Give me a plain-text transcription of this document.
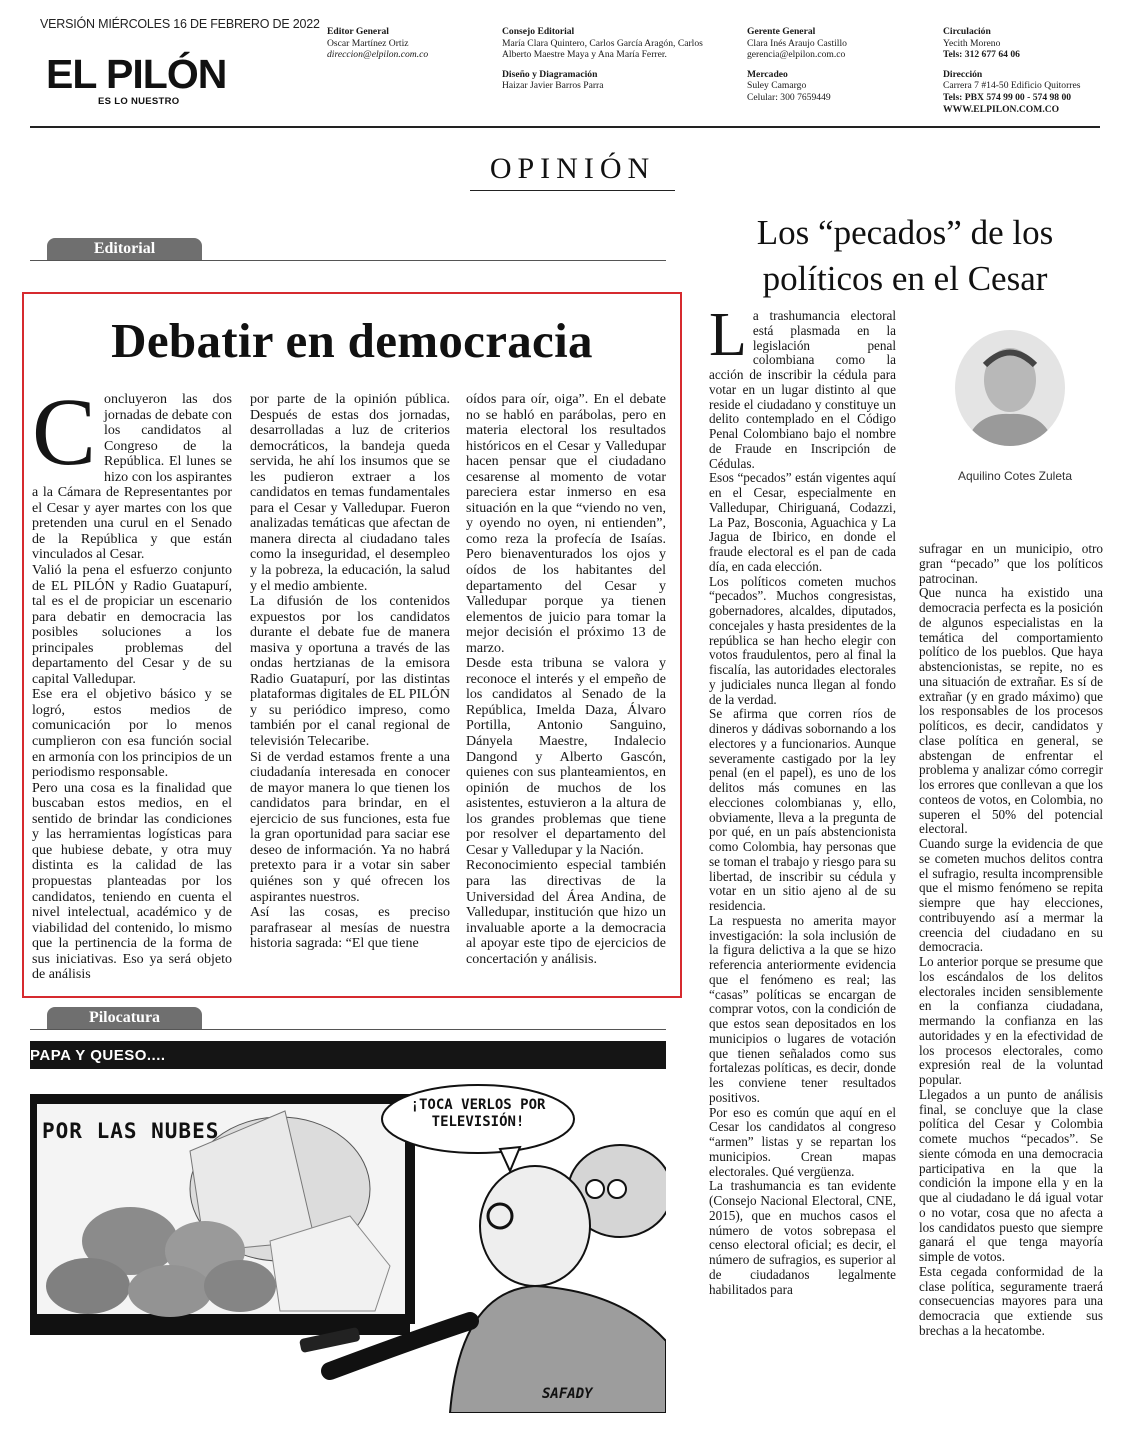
VERSIÓN MIÉRCOLES 16 DE FEBRERO DE 2022
EL PILÓN
ES LO NUESTRO
Editor General
Oscar Martínez Ortiz
direccion@elpilon.com.co
Consejo Editorial
María Clara Quintero, Carlos García Aragón, Carlos Alberto Maestre Maya y Ana María Ferrer.
Diseño y Diagramación
Haizar Javier Barros Parra
Gerente General
Clara Inés Araujo Castillo
gerencia@elpilon.com.co
Mercadeo
Suley Camargo
Celular: 300 7659449
Circulación
Yecith Moreno
Tels: 312 677 64 06
Dirección
Carrera 7 #14-50 Edificio Quitorres
Tels: PBX 574 99 00 - 574 98 00
WWW.ELPILON.COM.CO
OPINIÓN
Editorial
Debatir en democracia
C oncluyeron las dos jornadas de debate con los candidatos al Congreso de la República. El lunes se hizo con los aspirantes a la Cámara de Representantes por el Cesar y ayer martes con los que pretenden una curul en el Senado de la República y que están vinculados al Cesar.

Valió la pena el esfuerzo conjunto de EL PILÓN y Radio Guatapurí, tal es el de propiciar un escenario para debatir en democracia las posibles soluciones a los principales problemas del departamento del Cesar y de su capital Valledupar.

Ese era el objetivo básico y se logró, estos medios de comunicación por lo menos cumplieron con esa función social en armonía con los principios de un periodismo responsable.

Pero una cosa es la finalidad que buscaban estos medios, en el sentido de brindar las condiciones y las herramientas logísticas para que hubiese debate, y otra muy distinta es la calidad de las propuestas planteadas por los candidatos, teniendo en cuenta el nivel intelectual, académico y de viabilidad del contenido, lo mismo que la pertinencia de la forma de sus iniciativas. Eso ya será objeto de análisis

por parte de la opinión pública. Después de estas dos jornadas, desarrolladas a luz de criterios democráticos, la bandeja queda servida, he ahí los insumos que se les pudieron extraer a los candidatos en temas fundamentales para el Cesar y Valledupar. Fueron analizadas temáticas que afectan de manera directa al ciudadano tales como la inseguridad, el desempleo y la pobreza, la educación, la salud y el medio ambiente.

La difusión de los contenidos expuestos por los candidatos durante el debate fue de manera masiva y oportuna a través de las ondas hertzianas de la emisora Radio Guatapurí, por las distintas plataformas digitales de EL PILÓN y su periódico impreso, como también por el canal regional de televisión Telecaribe.

Si de verdad estamos frente a una ciudadanía interesada en conocer de mayor manera lo que tienen los candidatos para brindar, en el ejercicio de sus funciones, esta fue la gran oportunidad para saciar ese deseo de información. Ya no habrá pretexto para ir a votar sin saber quiénes son y qué ofrecen los aspirantes nuestros.

Así las cosas, es preciso parafrasear al mesías de nuestra historia sagrada: “El que tiene

oídos para oír, oiga”. En el debate no se habló en parábolas, pero en materia electoral los resultados históricos en el Cesar y Valledupar hacen pensar que el ciudadano cesarense al momento de votar pareciera estar inmerso en esa situación en la que “viendo no ven, y oyendo no oyen, ni entienden”, como reza la profecía de Isaías. Pero bienaventurados los ojos y oídos de los habitantes del departamento del Cesar y Valledupar porque ya tienen elementos de juicio para tomar la mejor decisión el próximo 13 de marzo.

Desde esta tribuna se valora y reconoce el interés y el empeño de los candidatos al Senado de la República, Imelda Daza, Álvaro Portilla, Antonio Sanguino, Dányela Maestre, Indalecio Dangond y Alberto Gascón, quienes con sus planteamientos, en opinión de muchos de los asistentes, estuvieron a la altura de los grandes problemas que tiene por resolver el departamento del Cesar y Valledupar y la Nación.

Reconocimiento especial también para las directivas de la Universidad del Área Andina, de Valledupar, institución que hizo un invaluable aporte a la democracia al apoyar este tipo de ejercicios de concertación y análisis.

Pilocatura
POR LAS NUBES
¡TOCA VERLOS POR
TELEVISIÓN!
SAFADY
PAPA Y QUESO....
Los “pecados” de los
políticos en el Cesar
Aquilino Cotes Zuleta
L a trashumancia electoral está plasmada en la legislación penal colombiana como la acción de inscribir la cédula para votar en un lugar distinto al que reside el ciudadano y constituye un delito contemplado en el Código Penal Colombiano bajo el nombre de Fraude en Inscripción de Cédulas.

Esos “pecados” están vigentes aquí en el Cesar, especialmente en Valledupar, Chiriguaná, Codazzi, La Paz, Bosconia, Aguachica y La Jagua de Ibirico, en donde el fraude electoral es el pan de cada día, en cada elección.

Los políticos cometen muchos “pecados”. Muchos congresistas, gobernadores, alcaldes, diputados, concejales y hasta presidentes de la república se han hecho elegir con votos fraudulentos, pero al final la fiscalía, las autoridades electorales y judiciales nunca llegan al fondo de la verdad.

Se afirma que corren ríos de dineros y dádivas sobornando a los electores y a funcionarios. Aunque severamente castigado por la ley penal (en el papel), es uno de los delitos más comunes en las elecciones colombianas y, ello, obviamente, lleva a la pregunta de por qué, en un país abstencionista como Colombia, hay personas que se toman el trabajo y riesgo para su libertad, de inscribir su cédula y votar en un sitio ajeno al de su residencia.

La respuesta no amerita mayor investigación: la sola inclusión de la figura delictiva a la que se hizo referencia anteriormente evidencia que el fenómeno es real; las “casas” políticas se encargan de comprar votos, con la condición de que estos sean depositados en los municipios o lugares de votación que tienen señalados como sus fortalezas políticas, es decir, donde les conviene tener resultados positivos.

Por eso es común que aquí en el Cesar los candidatos al congreso “armen” listas y se repartan los municipios. Crean mapas electorales. Qué vergüenza.

La trashumancia es tan evidente (Consejo Nacional Electoral, CNE, 2015), que en muchos casos el número de votos sobrepasa el censo electoral oficial; es decir, el número de sufragios, es superior al de ciudadanos legalmente habilitados para

sufragar en un municipio, otro gran “pecado” que los políticos patrocinan.

Que nunca ha existido una democracia perfecta es la posición de algunos especialistas en la temática del comportamiento político de los pueblos. Que haya abstencionistas, se repite, no es una situación de extrañar. Es sí de extrañar (y en grado máximo) que los responsables de los procesos políticos, es decir, candidatos y clase política en general, se abstengan de enfrentar el problema y analizar cómo corregir los errores que conllevan a que los conteos de votos, en Colombia, no superen el 50% del potencial electoral.

Cuando surge la evidencia de que se cometen muchos delitos contra el sufragio, resulta incomprensible que el mismo fenómeno se repita siempre que hay elecciones, contribuyendo así a mermar la creencia del ciudadano en su democracia.

Lo anterior porque se presume que los escándalos de los delitos electorales inciden sensiblemente en la confianza ciudadana, mermando la confianza en las autoridades y en la efectividad de los procesos electorales, como expresión real de la voluntad popular.

Llegados a un punto de análisis final, se concluye que la clase política del Cesar y Colombia comete muchos “pecados”. Se siente cómoda en una democracia participativa en la que la condición la impone ella y en la que al ciudadano le dá igual votar o no votar, cosa que no afecta a los candidatos puesto que siempre ganará el que tenga mayoría simple de votos.

Esta cegada conformidad de la clase política, seguramente traerá consecuencias mayores para una democracia que extiende sus brechas a la hecatombe.
